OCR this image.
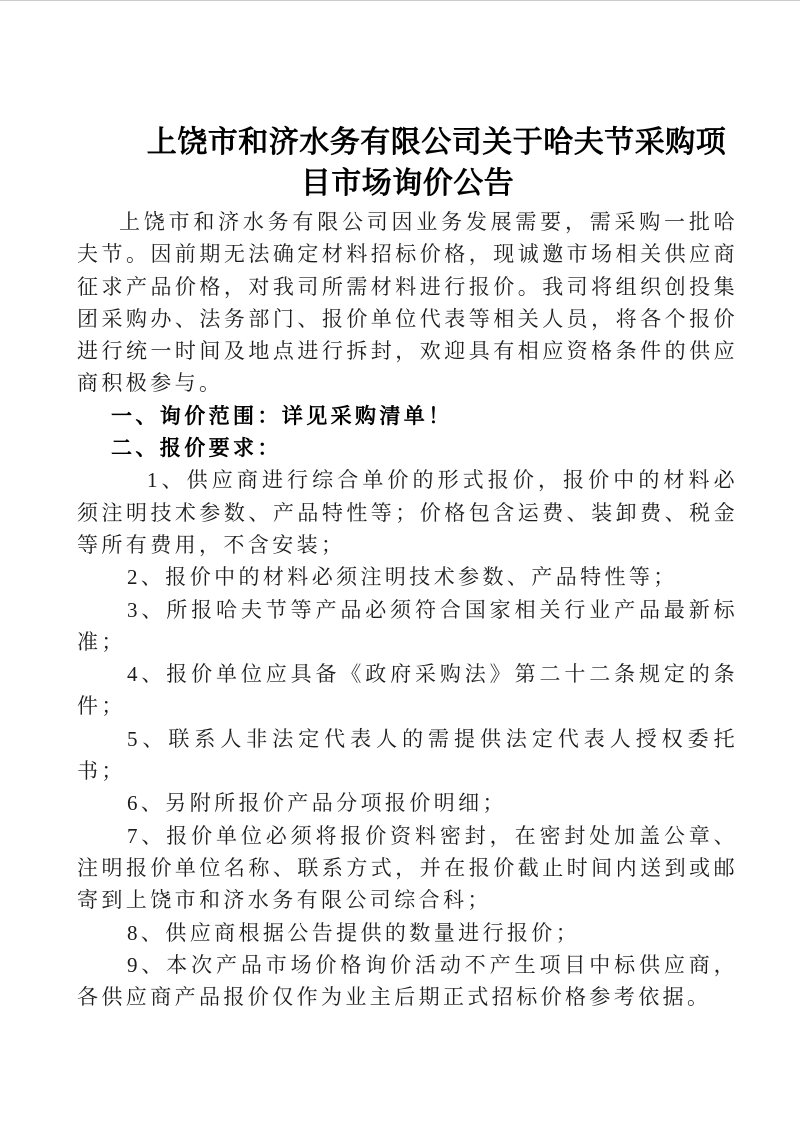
上饶市和济水务有限公司关于哈夫节采购项
目市场询价公告

上饶市和济水务有限公司因业务发展需要，需采购一批哈夫节。因前期无法确定材料招标价格，现诚邀市场相关供应商征求产品价格，对我司所需材料进行报价。我司将组织创投集团采购办、法务部门、报价单位代表等相关人员，将各个报价进行统一时间及地点进行拆封，欢迎具有相应资格条件的供应商积极参与。

一、询价范围：详见采购清单！

二、报价要求：

1、供应商进行综合单价的形式报价，报价中的材料必须注明技术参数、产品特性等；价格包含运费、装卸费、税金等所有费用，不含安装；

2、报价中的材料必须注明技术参数、产品特性等；

3、所报哈夫节等产品必须符合国家相关行业产品最新标准；

4、报价单位应具备《政府采购法》第二十二条规定的条件；

5、联系人非法定代表人的需提供法定代表人授权委托书；

6、另附所报价产品分项报价明细；

7、报价单位必须将报价资料密封，在密封处加盖公章、注明报价单位名称、联系方式，并在报价截止时间内送到或邮寄到上饶市和济水务有限公司综合科；

8、供应商根据公告提供的数量进行报价；

9、本次产品市场价格询价活动不产生项目中标供应商，各供应商产品报价仅作为业主后期正式招标价格参考依据。
